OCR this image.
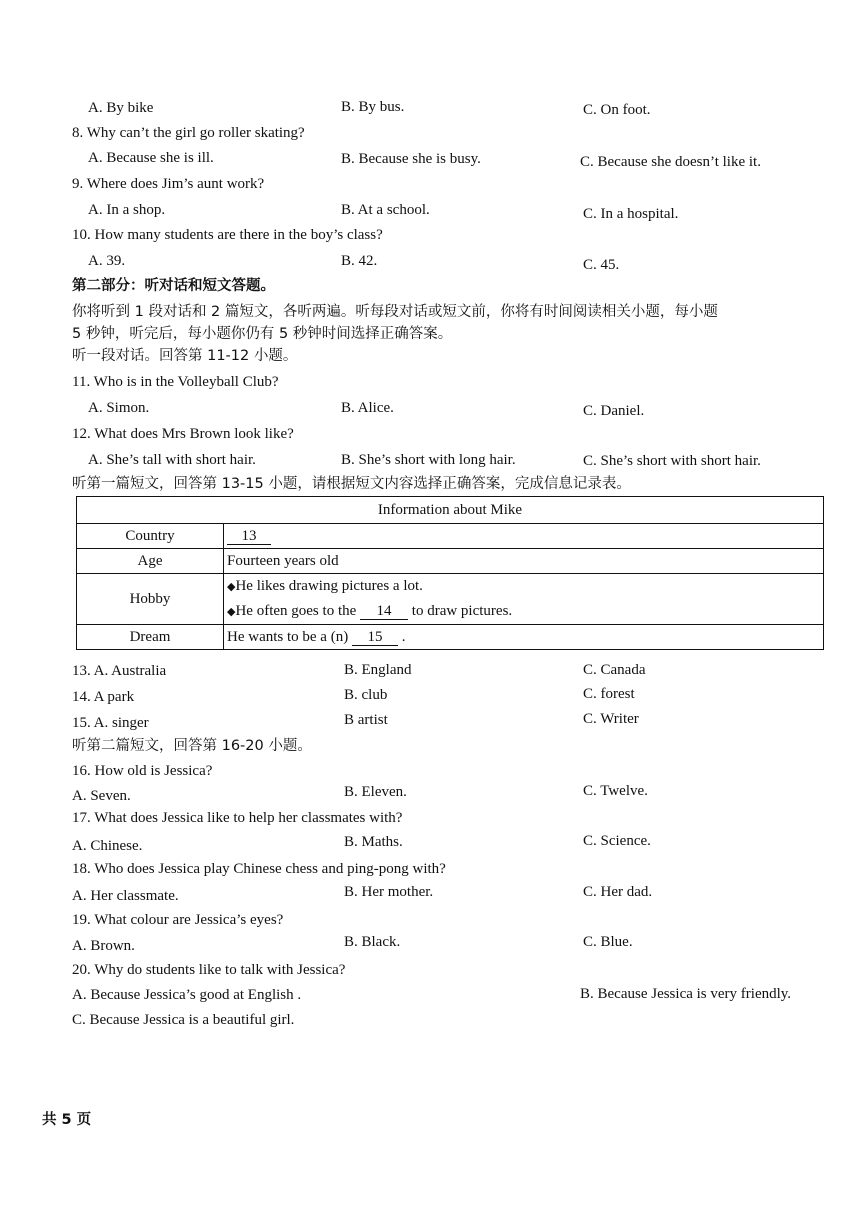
A. By bike	B. By bus.	C. On foot.
8. Why can’t the girl go roller skating?
A. Because she is ill.	B. Because she is busy.	C. Because she doesn’t like it.
9. Where does Jim’s aunt work?
A. In a shop.	B. At a school.	C. In a hospital.
10. How many students are there in the boy’s class?
A. 39.	B. 42.	C. 45.
第二部分：听对话和短文答题。
你将听到 1 段对话和 2 篇短文，各听两遍。听每段对话或短文前，你将有时间阅读相关小题，每小题
5 秒钟，听完后，每小题你仍有 5 秒钟时间选择正确答案。
听一段对话。回答第 11-12 小题。
11. Who is in the Volleyball Club?
A. Simon.	B. Alice.	C. Daniel.
12. What does Mrs Brown look like?
A. She’s tall with short hair.	B. She’s short with long hair.	C. She’s short with short hair.
听第一篇短文，回答第 13-15 小题，请根据短文内容选择正确答案，完成信息记录表。
Information about Mike	
Country	13
Age	Fourteen years old
Hobby	◆He likes drawing pictures a lot.
◆He often goes to the 14 to draw pictures.

Dream	He wants to be a (n) 15 .
13. A. Australia	B. England	C. Canada
14. A park	B. club	C. forest
15. A. singer	B artist	C. Writer
听第二篇短文，回答第 16-20 小题。
16. How old is Jessica?
A. Seven.	B. Eleven.	C. Twelve.
17. What does Jessica like to help her classmates with?
A. Chinese.	B. Maths.	C. Science.
18. Who does Jessica play Chinese chess and ping-pong with?
A. Her classmate.	B. Her mother.	C. Her dad.
19. What colour are Jessica’s eyes?
A. Brown.	B. Black.	C. Blue.
20. Why do students like to talk with Jessica?
A. Because Jessica’s good at English .	B. Because Jessica is very friendly.
C. Because Jessica is a beautiful girl.
共 5 页
